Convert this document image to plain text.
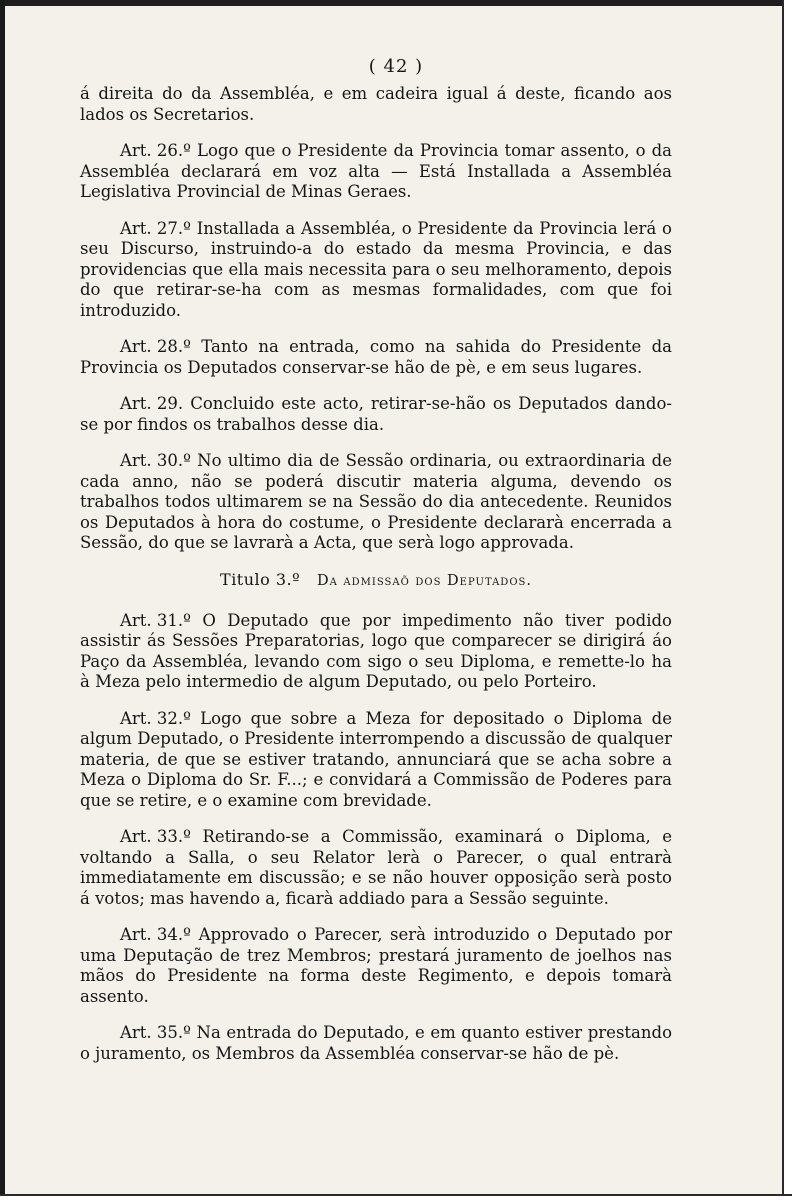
( 42 )

á direita do da Assembléa, e em cadeira igual á deste, ficando aos lados os Secretarios.

Art. 26.º Logo que o Presidente da Provincia tomar assento, o da Assembléa declarará em voz alta — Está Installada a Assembléa Legislativa Provincial de Minas Geraes.

Art. 27.º Installada a Assembléa, o Presidente da Provincia lerá o seu Discurso, instruindo-a do estado da mesma Provincia, e das providencias que ella mais necessita para o seu melhoramento, depois do que retirar-se-ha com as mesmas formalidades, com que foi introduzido.

Art. 28.º Tanto na entrada, como na sahida do Presidente da Provincia os Deputados conservar-se hão de pè, e em seus lugares.

Art. 29. Concluido este acto, retirar-se-hão os Deputados dando-se por findos os trabalhos desse dia.

Art. 30.º No ultimo dia de Sessão ordinaria, ou extraordinaria de cada anno, não se poderá discutir materia alguma, devendo os trabalhos todos ultimarem se na Sessão do dia antecedente. Reunidos os Deputados à hora do costume, o Presidente declararà encerrada a Sessão, do que se lavrarà a Acta, que serà logo approvada.

Titulo 3.º Da admissaõ dos Deputados.

Art. 31.º O Deputado que por impedimento não tiver podido assistir ás Sessões Preparatorias, logo que comparecer se dirigirá áo Paço da Assembléa, levando com sigo o seu Diploma, e remette-lo ha à Meza pelo intermedio de algum Deputado, ou pelo Porteiro.

Art. 32.º Logo que sobre a Meza for depositado o Diploma de algum Deputado, o Presidente interrompendo a discussão de qualquer materia, de que se estiver tratando, annunciará que se acha sobre a Meza o Diploma do Sr. F...; e convidará a Commissão de Poderes para que se retire, e o examine com brevidade.

Art. 33.º Retirando-se a Commissão, examinará o Diploma, e voltando a Salla, o seu Relator lerà o Parecer, o qual entrarà immediatamente em discussão; e se não houver opposição serà posto á votos; mas havendo a, ficarà addiado para a Sessão seguinte.

Art. 34.º Approvado o Parecer, serà introduzido o Deputado por uma Deputação de trez Membros; prestará juramento de joelhos nas mãos do Presidente na forma deste Regimento, e depois tomarà assento.

Art. 35.º Na entrada do Deputado, e em quanto estiver prestando o juramento, os Membros da Assembléa conservar-se hão de pè.
